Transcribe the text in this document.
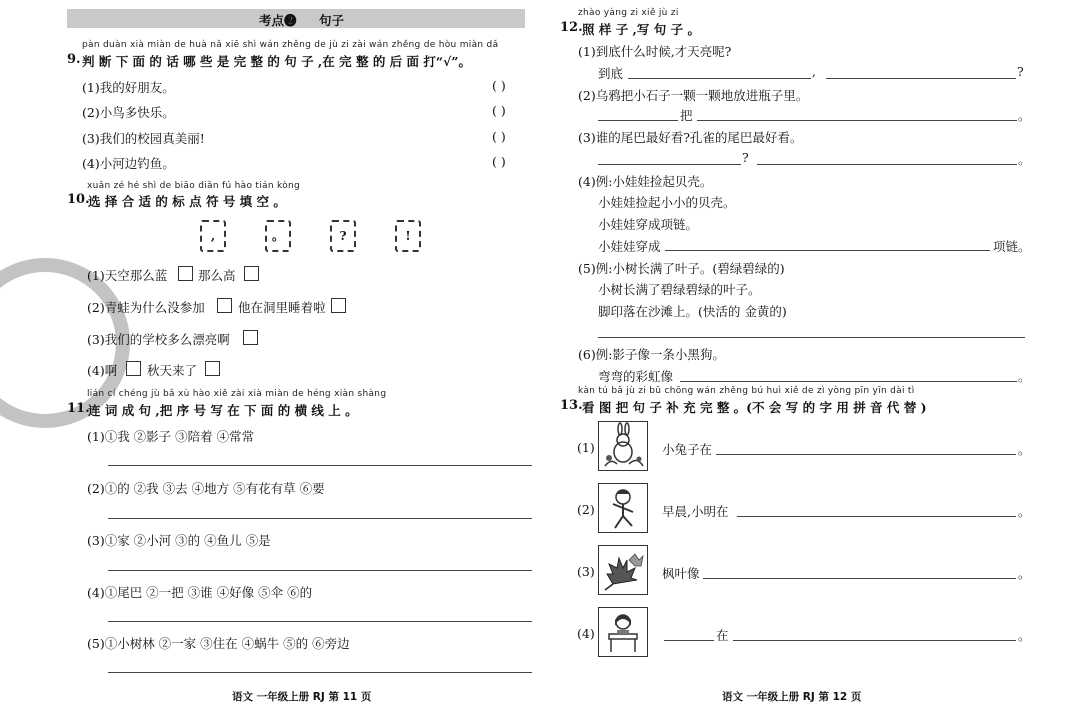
考点❷ 句子
pàn duàn xià miàn de huà nǎ xiē shì wán zhěng de jù zi zài wán zhěng de hòu miàn dǎ
9. 判 断 下 面 的 话 哪 些 是 完 整 的 句 子 ,在 完 整 的 后 面 打“√”。
(1)我的好朋友。	( )
(2)小鸟多快乐。	( )
(3)我们的校园真美丽!	( )
(4)小河边钓鱼。	( )
xuǎn zé hé shì de biāo diǎn fú hào tián kòng
10.
选 择 合 适 的 标 点 符 号 填 空 。
,	。	?	!
(1)天空那么蓝 那么高
(2)青蛙为什么没参加	他在洞里睡着啦
(3)我们的学校多么漂亮啊
(4)啊 秋天来了
lián cí chéng jù bǎ xù hào xiě zài xià miàn de héng xiàn shàng
11.
连 词 成 句 ,把 序 号 写 在 下 面 的 横 线 上 。
(1)①我 ②影子 ③陪着 ④常常
(2)①的 ②我 ③去 ④地方 ⑤有花有草 ⑥要
(3)①家 ②小河 ③的 ④鱼儿 ⑤是
(4)①尾巴 ②一把 ③谁 ④好像 ⑤伞 ⑥的
(5)①小树林 ②一家 ③住在 ④蜗牛 ⑤的 ⑥旁边
语文 一年级上册 RJ 第 11 页
zhào yàng zi xiě jù zi
12. 照 样 子 ,写 句 子 。
(1)到底什么时候,才天亮呢?
到底	,	?
(2)乌鸦把小石子一颗一颗地放进瓶子里。
把	。
(3)谁的尾巴最好看?孔雀的尾巴最好看。
?	。
(4)例:小娃娃捡起贝壳。
小娃娃捡起小小的贝壳。
小娃娃穿成项链。
小娃娃穿成	项链。
(5)例:小树长满了叶子。(碧绿碧绿的)
小树长满了碧绿碧绿的叶子。
脚印落在沙滩上。(快活的 金黄的)
(6)例:影子像一条小黑狗。
弯弯的彩虹像	。
kàn tú bǎ jù zi bǔ chōng wán zhěng bú huì xiě de zì yòng pīn yīn dài tì
13. 看 图 把 句 子 补 充 完 整 。(不 会 写 的 字 用 拼 音 代 替 )
(1)	小兔子在	。
(2)	早晨,小明在	。
(3)	枫叶像	。
(4)	在	。
语文 一年级上册 RJ 第 12 页
